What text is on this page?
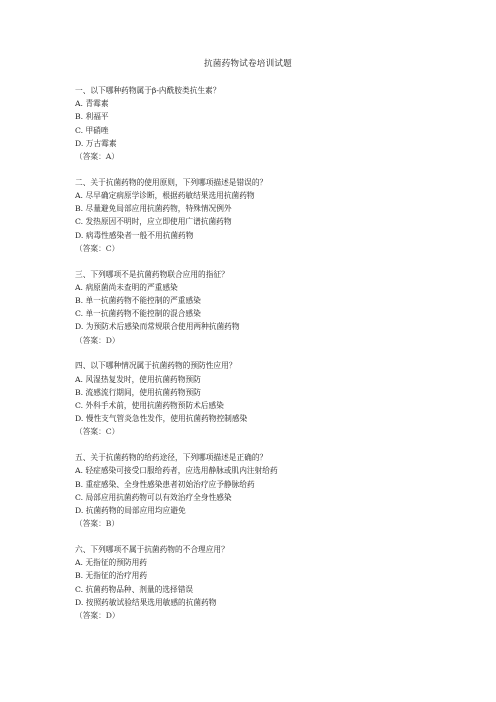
抗菌药物试卷培训试题
一、以下哪种药物属于β-内酰胺类抗生素？
A. 青霉素
B. 利福平
C. 甲硝唑
D. 万古霉素
（答案：A）
二、关于抗菌药物的使用原则，下列哪项描述是错误的？
A. 尽早确定病原学诊断，根据药敏结果选用抗菌药物
B. 尽量避免局部应用抗菌药物，特殊情况例外
C. 发热原因不明时，应立即使用广谱抗菌药物
D. 病毒性感染者一般不用抗菌药物
（答案：C）
三、下列哪项不是抗菌药物联合应用的指征？
A. 病原菌尚未查明的严重感染
B. 单一抗菌药物不能控制的严重感染
C. 单一抗菌药物不能控制的混合感染
D. 为预防术后感染而常规联合使用两种抗菌药物
（答案：D）
四、以下哪种情况属于抗菌药物的预防性应用？
A. 风湿热复发时，使用抗菌药物预防
B. 流感流行期间，使用抗菌药物预防
C. 外科手术前，使用抗菌药物预防术后感染
D. 慢性支气管炎急性发作，使用抗菌药物控制感染
（答案：C）
五、关于抗菌药物的给药途径，下列哪项描述是正确的？
A. 轻症感染可接受口服给药者，应选用静脉或肌内注射给药
B. 重症感染、全身性感染患者初始治疗应予静脉给药
C. 局部应用抗菌药物可以有效治疗全身性感染
D. 抗菌药物的局部应用均应避免
（答案：B）
六、下列哪项不属于抗菌药物的不合理应用？
A. 无指征的预防用药
B. 无指征的治疗用药
C. 抗菌药物品种、剂量的选择错误
D. 按照药敏试验结果选用敏感的抗菌药物
（答案：D）
